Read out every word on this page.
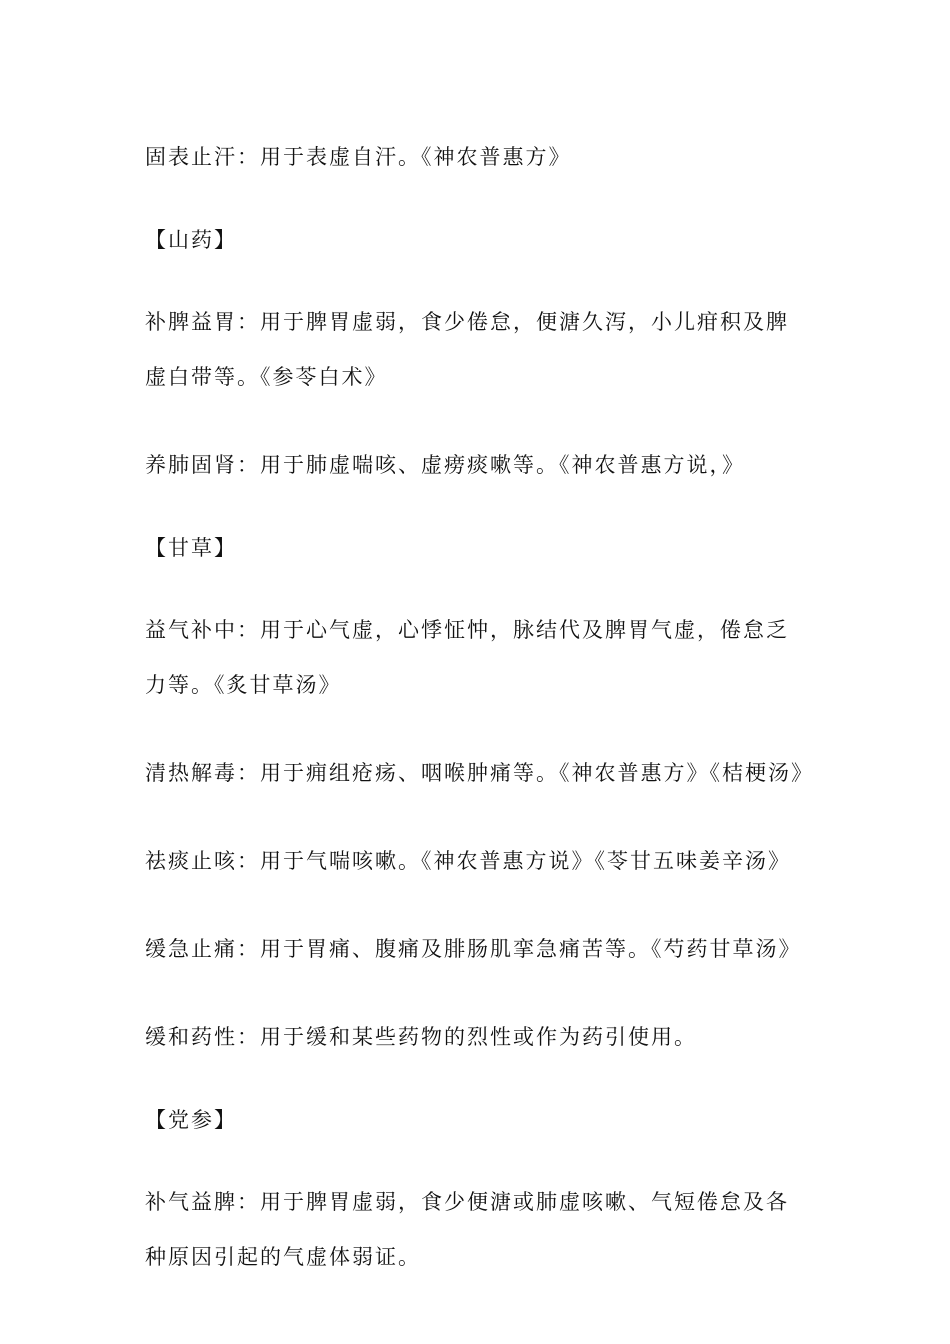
固表止汗：用于表虚自汗。《神农普惠方》

【山药】

补脾益胃：用于脾胃虚弱，食少倦怠，便溏久泻，小儿疳积及脾虚白带等。《参苓白术》

养肺固肾：用于肺虚喘咳、虚痨痰嗽等。《神农普惠方说，》

【甘草】

益气补中：用于心气虚，心悸怔忡，脉结代及脾胃气虚，倦怠乏力等。《炙甘草汤》

清热解毒：用于痈组疮疡、咽喉肿痛等。《神农普惠方》《桔梗汤》

祛痰止咳：用于气喘咳嗽。《神农普惠方说》《苓甘五味姜辛汤》

缓急止痛：用于胃痛、腹痛及腓肠肌挛急痛苦等。《芍药甘草汤》

缓和药性：用于缓和某些药物的烈性或作为药引使用。

【党参】

补气益脾：用于脾胃虚弱，食少便溏或肺虚咳嗽、气短倦怠及各种原因引起的气虚体弱证。
